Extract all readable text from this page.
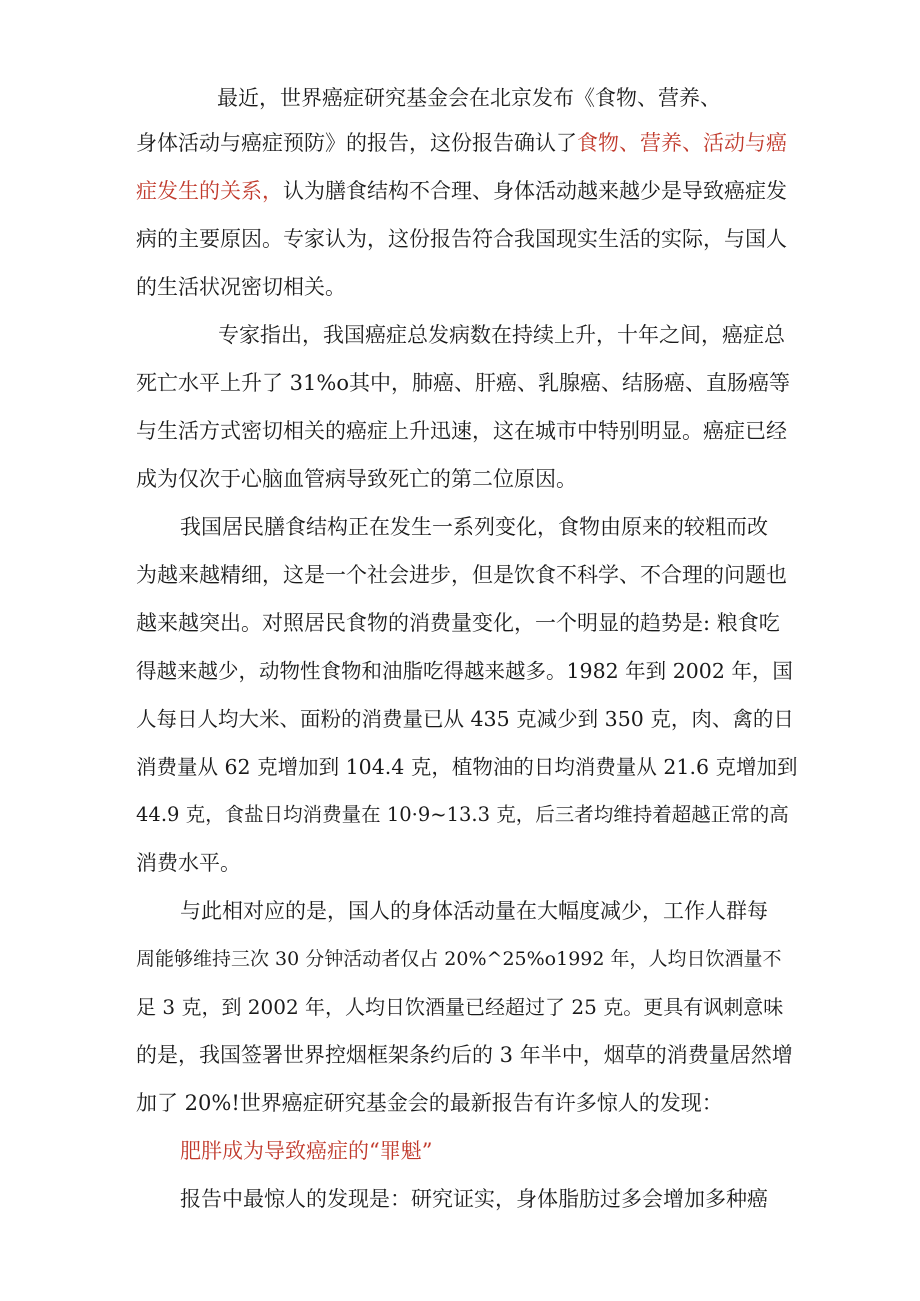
最近，世界癌症研究基金会在北京发布《食物、营养、
身体活动与癌症预防》的报告，这份报告确认了食物、营养、活动与癌
症发生的关系，认为膳食结构不合理、身体活动越来越少是导致癌症发
病的主要原因。专家认为，这份报告符合我国现实生活的实际，与国人
的生活状况密切相关。
专家指出，我国癌症总发病数在持续上升，十年之间，癌症总
死亡水平上升了 31%o其中，肺癌、肝癌、乳腺癌、结肠癌、直肠癌等
与生活方式密切相关的癌症上升迅速，这在城市中特别明显。癌症已经
成为仅次于心脑血管病导致死亡的第二位原因。
我国居民膳食结构正在发生一系列变化，食物由原来的较粗而改
为越来越精细，这是一个社会进步，但是饮食不科学、不合理的问题也
越来越突出。对照居民食物的消费量变化，一个明显的趋势是: 粮食吃
得越来越少，动物性食物和油脂吃得越来越多。1982 年到 2002 年，国
人每日人均大米、面粉的消费量已从 435 克减少到 350 克，肉、禽的日
消费量从 62 克增加到 104.4 克，植物油的日均消费量从 21.6 克增加到
44.9 克，食盐日均消费量在 10·9~13.3 克，后三者均维持着超越正常的高
消费水平。
与此相对应的是，国人的身体活动量在大幅度减少，工作人群每
周能够维持三次 30 分钟活动者仅占 20%^25%o1992 年，人均日饮酒量不
足 3 克，到 2002 年，人均日饮酒量已经超过了 25 克。更具有讽刺意味
的是，我国签署世界控烟框架条约后的 3 年半中，烟草的消费量居然增
加了 20%!世界癌症研究基金会的最新报告有许多惊人的发现：
肥胖成为导致癌症的“罪魁”
报告中最惊人的发现是：研究证实，身体脂肪过多会增加多种癌
